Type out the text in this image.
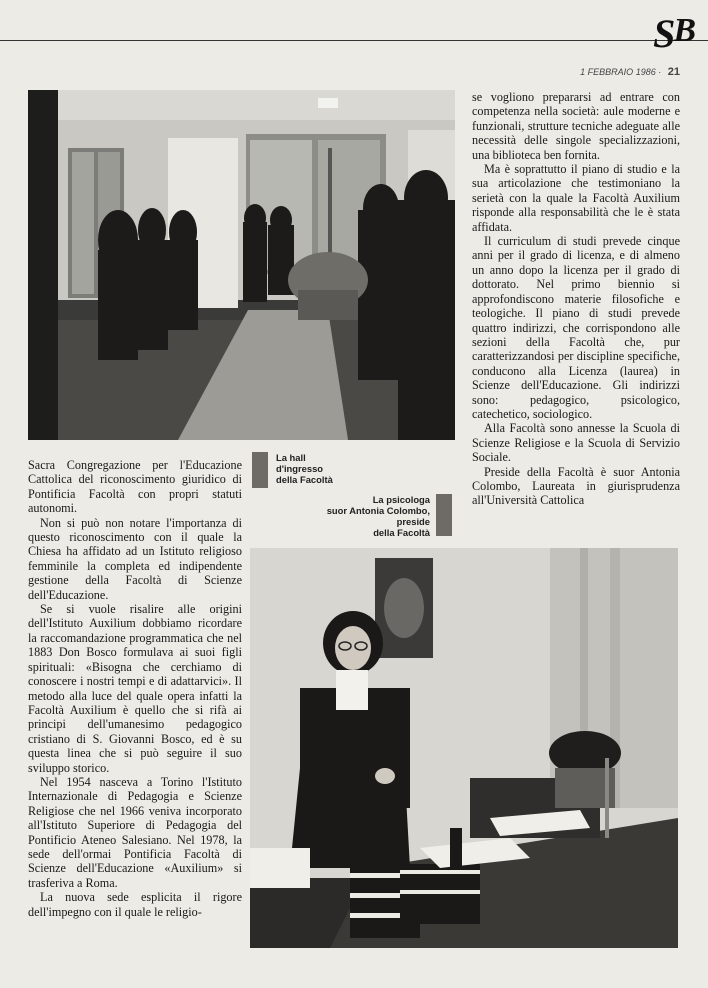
SB
1 FEBBRAIO 1986 · 21
La hall
d'ingresso
della Facoltà
La psicologa
suor Antonia Colombo,
preside
della Facoltà

Sacra Congregazione per l'Educazione Cattolica del riconoscimento giuridico di Pontificia Facoltà con propri statuti autonomi.

Non si può non notare l'importanza di questo riconoscimento con il quale la Chiesa ha affidato ad un Istituto religioso femminile la completa ed indipendente gestione della Facoltà di Scienze dell'Educazione.

Se si vuole risalire alle origini dell'Istituto Auxilium dobbiamo ricordare la raccomandazione programmatica che nel 1883 Don Bosco formulava ai suoi figli spirituali: «Bisogna che cerchiamo di conoscere i nostri tempi e di adattarvici». Il metodo alla luce del quale opera infatti la Facoltà Auxilium è quello che si rifà ai principi dell'umanesimo pedagogico cristiano di S. Giovanni Bosco, ed è su questa linea che si può seguire il suo sviluppo storico.

Nel 1954 nasceva a Torino l'Istituto Internazionale di Pedagogia e Scienze Religiose che nel 1966 veniva incorporato all'Istituto Superiore di Pedagogia del Pontificio Ateneo Salesiano. Nel 1978, la sede dell'ormai Pontificia Facoltà di Scienze dell'Educazione «Auxilium» si trasferiva a Roma.

La nuova sede esplicita il rigore dell'impegno con il quale le religio-

se vogliono prepararsi ad entrare con competenza nella società: aule moderne e funzionali, strutture tecniche adeguate alle necessità delle singole specializzazioni, una biblioteca ben fornita.

Ma è soprattutto il piano di studio e la sua articolazione che testimoniano la serietà con la quale la Facoltà Auxilium risponde alla responsabilità che le è stata affidata.

Il curriculum di studi prevede cinque anni per il grado di licenza, e di almeno un anno dopo la licenza per il grado di dottorato. Nel primo biennio si approfondiscono materie filosofiche e teologiche. Il piano di studi prevede quattro indirizzi, che corrispondono alle sezioni della Facoltà che, pur caratterizzandosi per discipline specifiche, conducono alla Licenza (laurea) in Scienze dell'Educazione. Gli indirizzi sono: pedagogico, psicologico, catechetico, sociologico.

Alla Facoltà sono annesse la Scuola di Scienze Religiose e la Scuola di Servizio Sociale.

Preside della Facoltà è suor Antonia Colombo, Laureata in giurisprudenza all'Università Cattolica
